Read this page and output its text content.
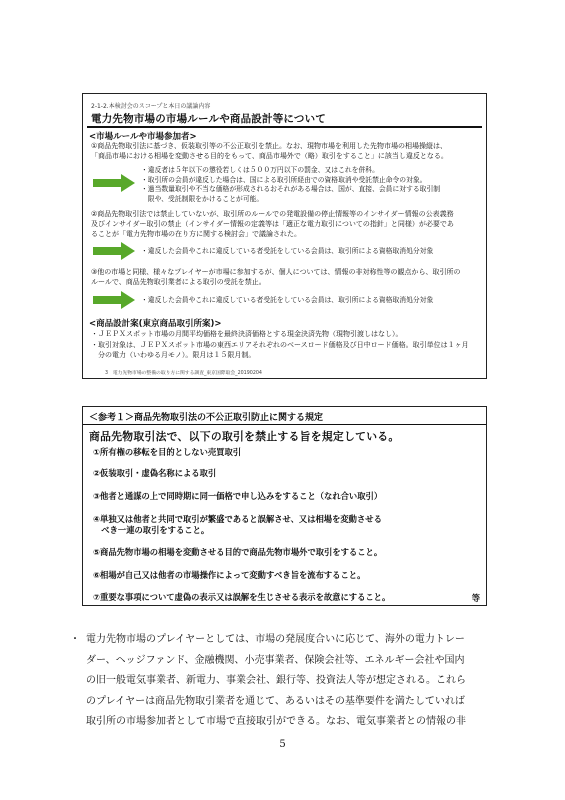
2-1-2.本検討会のスコープと本日の議論内容
電力先物市場の市場ルールや商品設計等について
<市場ルールや市場参加者>
①商品先物取引法に基づき、仮装取引等の不公正取引を禁止。なお、現物市場を利用した先物市場の相場操縦は、
「商品市場における相場を変動させる目的をもって、商品市場外で（略）取引をすること」に該当し違反となる。
・違反者は５年以下の懲役若しくは５００万円以下の罰金、又はこれを併科。
・取引所の会員が違反した場合は、国による取引所経由での資格取消や受託禁止命令の対象。
・過当数量取引や不当な価格が形成されるおそれがある場合は、国が、直接、会員に対する取引制
　限や、受託制限をかけることが可能。
②商品先物取引法では禁止していないが、取引所のルールでの発電設備の停止情報等のインサイダー情報の公表義務
及びインサイダー取引の禁止（インサイダー情報の定義等は「適正な電力取引についての指針」と同様）が必要であ
ることが「電力先物市場の在り方に関する検討会」で議論された。
・違反した会員やこれに違反している者受託をしている会員は、取引所による資格取消処分対象
③他の市場と同様、様々なプレイヤーが市場に参加するが、個人については、情報の非対称性等の観点から、取引所の
ルールで、商品先物取引業者による取引の受託を禁止。
・違反した会員やこれに違反している者受託をしている会員は、取引所による資格取消処分対象
<商品設計案(東京商品取引所案)>
・ＪＥＰＸスポット市場の月間平均価格を最終決済価格とする現金決済先物（現物引渡しはなし）。
・取引対象は、ＪＥＰＸスポット市場の東西エリアそれぞれのベースロード価格及び日中ロード価格。取引単位は１ヶ月
　分の電力（いわゆる月モノ）。限月は１５限月制。
3　電力先物市場の整備の取り方に関する調査_東京国際取会_20190204
＜参考１＞商品先物取引法の不公正取引防止に関する規定
商品先物取引法で、以下の取引を禁止する旨を規定している。
①所有権の移転を目的としない売買取引
②仮装取引・虚偽名称による取引
③他者と通謀の上で同時期に同一価格で申し込みをすること（なれ合い取引）
④単独又は他者と共同で取引が繁盛であると誤解させ、又は相場を変動させる
　べき一連の取引をすること。
⑤商品先物市場の相場を変動させる目的で商品先物市場外で取引をすること。
⑥相場が自己又は他者の市場操作によって変動すべき旨を流布すること。
⑦重要な事項について虚偽の表示又は誤解を生じさせる表示を故意にすること。	等
・ 電力先物市場のプレイヤーとしては、市場の発展度合いに応じて、海外の電力トレー
ダー、ヘッジファンド、金融機関、小売事業者、保険会社等、エネルギー会社や国内
の旧一般電気事業者、新電力、事業会社、銀行等、投資法人等が想定される。これら
のプレイヤーは商品先物取引業者を通じて、あるいはその基準要件を満たしていれば
取引所の市場参加者として市場で直接取引ができる。なお、電気事業者との情報の非
5
